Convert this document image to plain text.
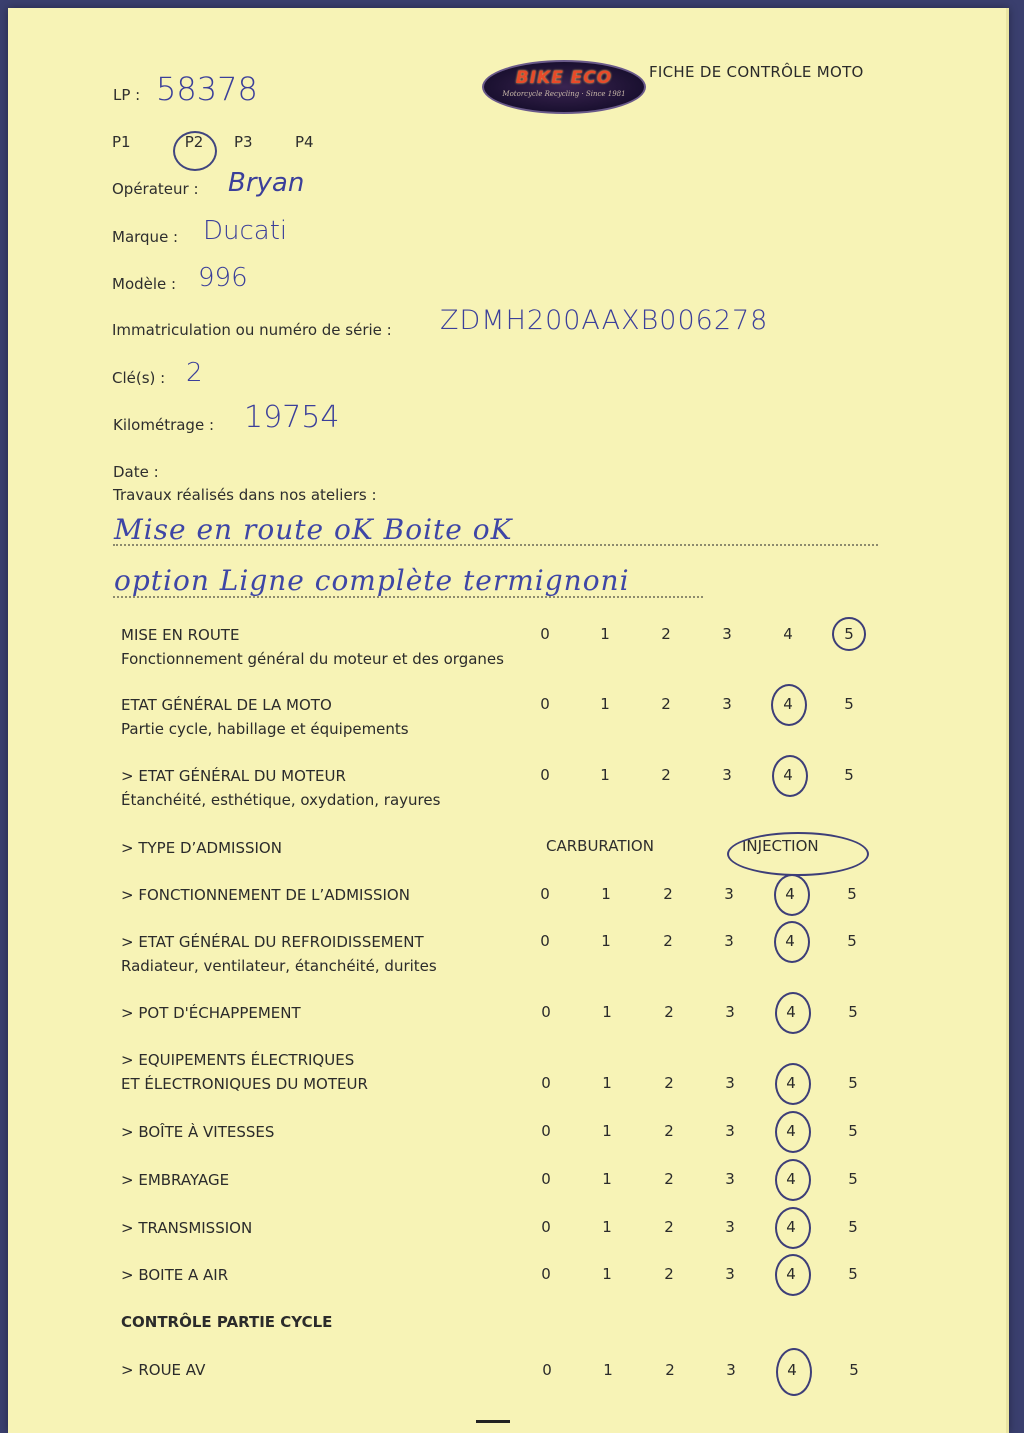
BIKE ECO
Motorcycle Recycling · Since 1981
FICHE DE CONTRÔLE MOTO
LP : 58378
P1	P2	P3	P4
Opérateur : Bryan
Marque : Ducati
Modèle : 996
Immatriculation ou numéro de série : ZDMH200AAXB006278
Clé(s) : 2
Kilométrage : 19754
Date :
Travaux réalisés dans nos ateliers :
Mise en route oK Boite oK
option Ligne complète termignoni
MISE EN ROUTE
Fonctionnement général du moteur et des organes
0	1	2	3	4	5
ETAT GÉNÉRAL DE LA MOTO
Partie cycle, habillage et équipements
0	1	2	3	4	5
> ETAT GÉNÉRAL DU MOTEUR
Étanchéité, esthétique, oxydation, rayures
0	1	2	3	4	5
> TYPE D’ADMISSION	CARBURATION	INJECTION
> FONCTIONNEMENT DE L’ADMISSION	0	1	2	3	4	5
> ETAT GÉNÉRAL DU REFROIDISSEMENT
Radiateur, ventilateur, étanchéité, durites
0	1	2	3	4	5
> POT D'ÉCHAPPEMENT	0	1	2	3	4	5
> EQUIPEMENTS ÉLECTRIQUES
ET ÉLECTRONIQUES DU MOTEUR	0	1	2	3	4	5
> BOÎTE À VITESSES	0	1	2	3	4	5
> EMBRAYAGE	0	1	2	3	4	5
> TRANSMISSION	0	1	2	3	4	5
> BOITE A AIR	0	1	2	3	4	5
CONTRÔLE PARTIE CYCLE
> ROUE AV	0	1	2	3	4	5
